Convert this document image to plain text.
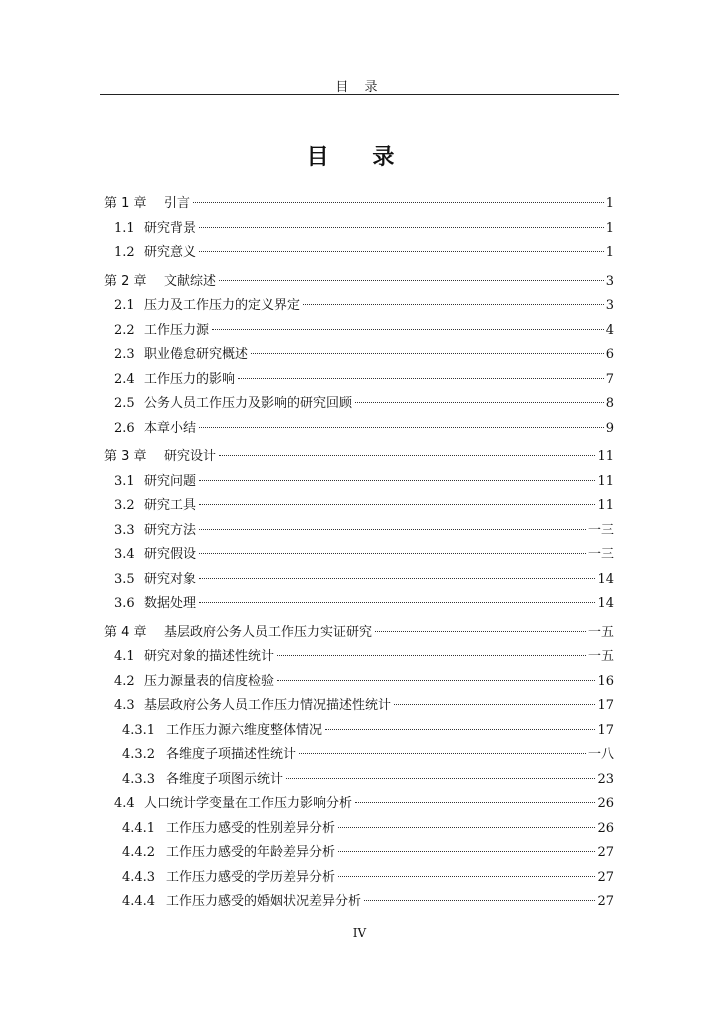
目 录
目 录
第 1 章	引言	1
1.1 研究背景	1
1.2 研究意义	1
第 2 章	文献综述	3
2.1 压力及工作压力的定义界定	3
2.2 工作压力源	4
2.3 职业倦怠研究概述	6
2.4 工作压力的影响	7
2.5 公务人员工作压力及影响的研究回顾	8
2.6 本章小结	9
第 3 章	研究设计	11
3.1 研究问题	11
3.2 研究工具	11
3.3 研究方法	一三
3.4 研究假设	一三
3.5 研究对象	14
3.6 数据处理	14
第 4 章	基层政府公务人员工作压力实证研究	一五
4.1 研究对象的描述性统计	一五
4.2 压力源量表的信度检验	16
4.3 基层政府公务人员工作压力情况描述性统计	17
4.3.1 工作压力源六维度整体情况	17
4.3.2 各维度子项描述性统计	一八
4.3.3 各维度子项图示统计	23
4.4 人口统计学变量在工作压力影响分析	26
4.4.1 工作压力感受的性别差异分析	26
4.4.2 工作压力感受的年龄差异分析	27
4.4.3 工作压力感受的学历差异分析	27
4.4.4 工作压力感受的婚姻状况差异分析	27
IV
